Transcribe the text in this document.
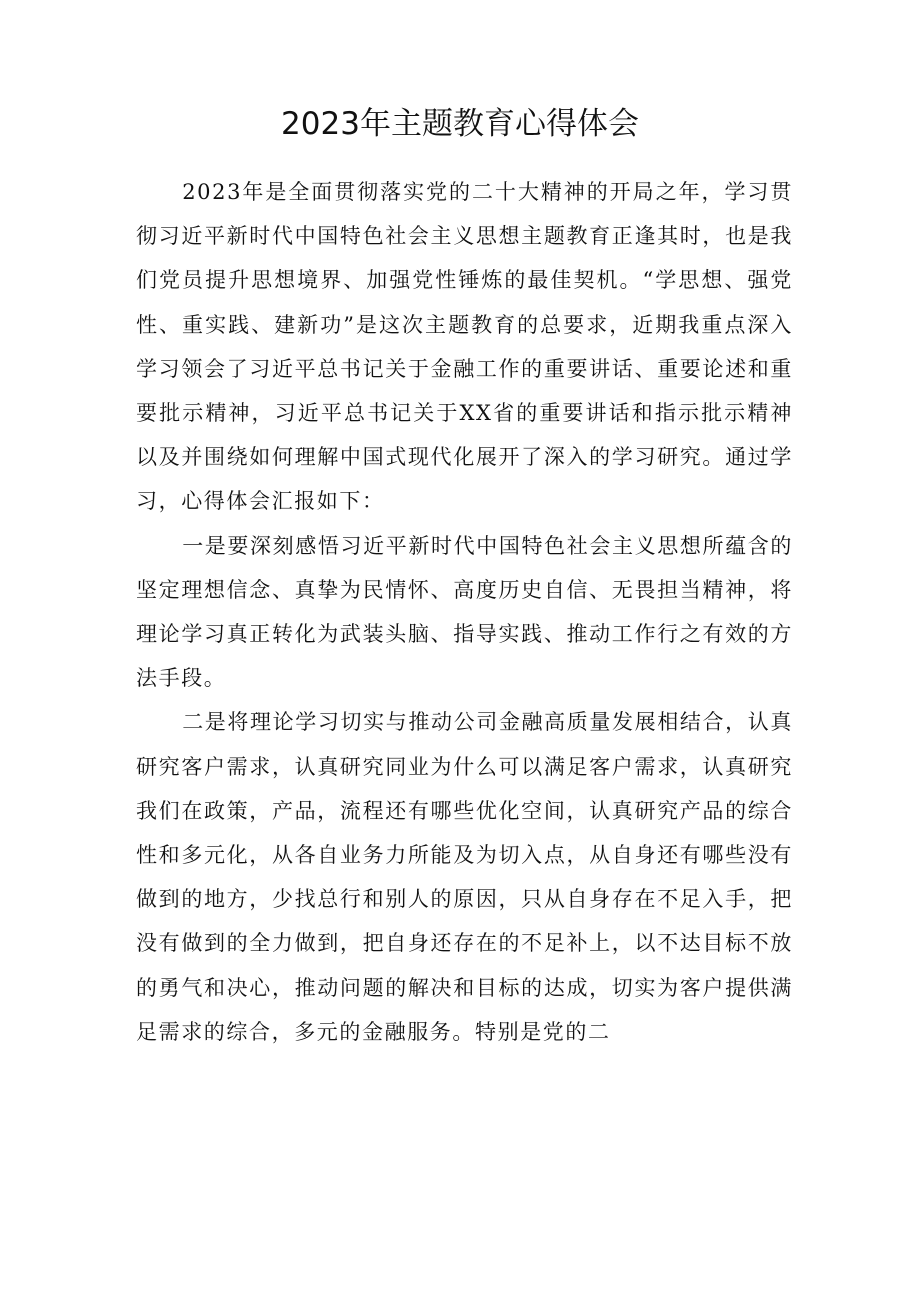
2023年主题教育心得体会

2023年是全面贯彻落实党的二十大精神的开局之年，学习贯彻习近平新时代中国特色社会主义思想主题教育正逢其时，也是我们党员提升思想境界、加强党性锤炼的最佳契机。“学思想、强党性、重实践、建新功”是这次主题教育的总要求，近期我重点深入学习领会了习近平总书记关于金融工作的重要讲话、重要论述和重要批示精神，习近平总书记关于XX省的重要讲话和指示批示精神以及并围绕如何理解中国式现代化展开了深入的学习研究。通过学习，心得体会汇报如下：

一是要深刻感悟习近平新时代中国特色社会主义思想所蕴含的坚定理想信念、真挚为民情怀、高度历史自信、无畏担当精神，将理论学习真正转化为武装头脑、指导实践、推动工作行之有效的方法手段。

二是将理论学习切实与推动公司金融高质量发展相结合，认真研究客户需求，认真研究同业为什么可以满足客户需求，认真研究我们在政策，产品，流程还有哪些优化空间，认真研究产品的综合性和多元化，从各自业务力所能及为切入点，从自身还有哪些没有做到的地方，少找总行和别人的原因，只从自身存在不足入手，把没有做到的全力做到，把自身还存在的不足补上，以不达目标不放的勇气和决心，推动问题的解决和目标的达成，切实为客户提供满足需求的综合，多元的金融服务。特别是党的二
